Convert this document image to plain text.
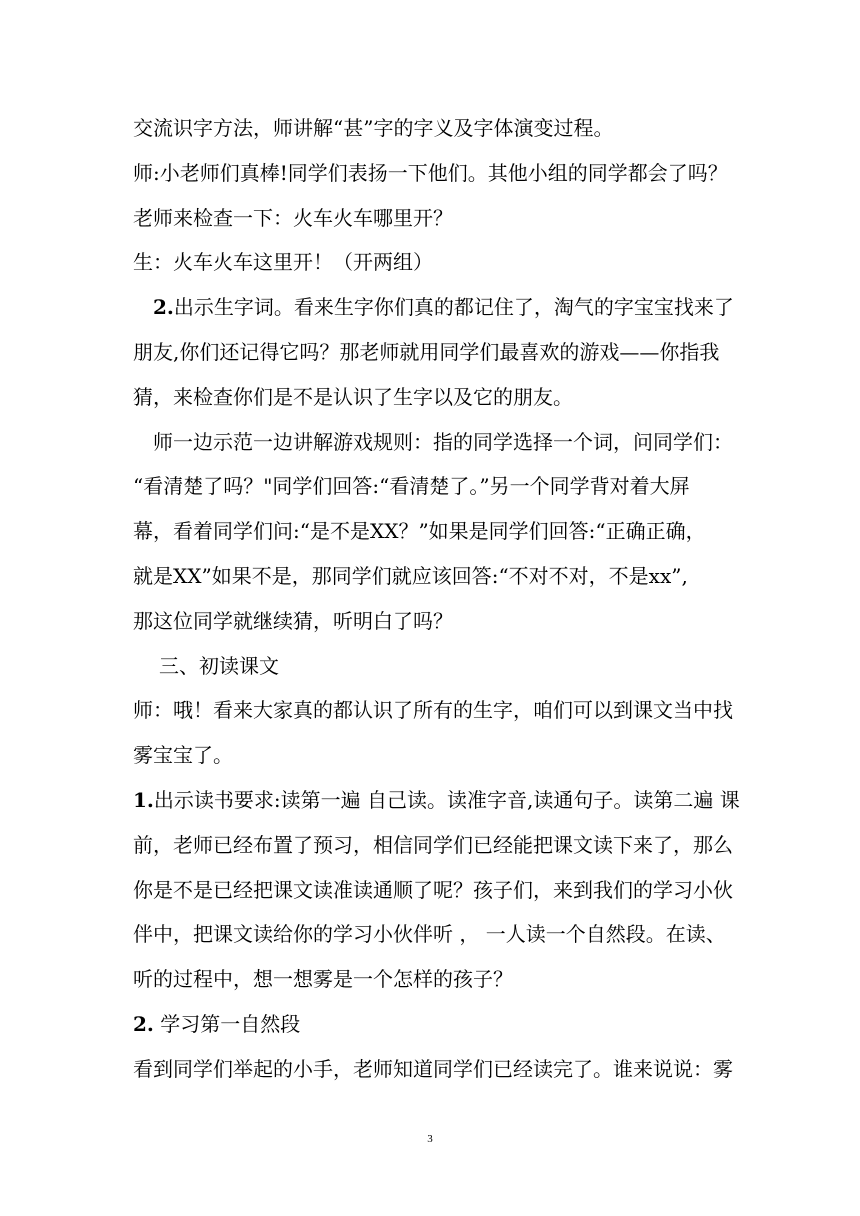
交流识字方法，师讲解“甚”字的字义及字体演变过程。
师:小老师们真棒!同学们表扬一下他们。其他小组的同学都会了吗？
老师来检查一下：火车火车哪里开？
生：火车火车这里开！（开两组）
2.出示生字词。看来生字你们真的都记住了，淘气的字宝宝找来了
朋友,你们还记得它吗？那老师就用同学们最喜欢的游戏——你指我
猜，来检查你们是不是认识了生字以及它的朋友。
师一边示范一边讲解游戏规则：指的同学选择一个词，问同学们：
“看清楚了吗？"同学们回答:“看清楚了。”另一个同学背对着大屏
幕，看着同学们问:“是不是XX？”如果是同学们回答:“正确正确，
就是XX”如果不是，那同学们就应该回答:“不对不对，不是xx”,
那这位同学就继续猜，听明白了吗？
三、初读课文
师：哦！看来大家真的都认识了所有的生字，咱们可以到课文当中找
雾宝宝了。
1.出示读书要求:读第一遍 自己读。读准字音,读通句子。读第二遍 课
前，老师已经布置了预习，相信同学们已经能把课文读下来了，那么
你是不是已经把课文读准读通顺了呢？孩子们，来到我们的学习小伙
伴中，把课文读给你的学习小伙伴听 ， 一人读一个自然段。在读、
听的过程中，想一想雾是一个怎样的孩子？
2. 学习第一自然段
看到同学们举起的小手，老师知道同学们已经读完了。谁来说说：雾
3
